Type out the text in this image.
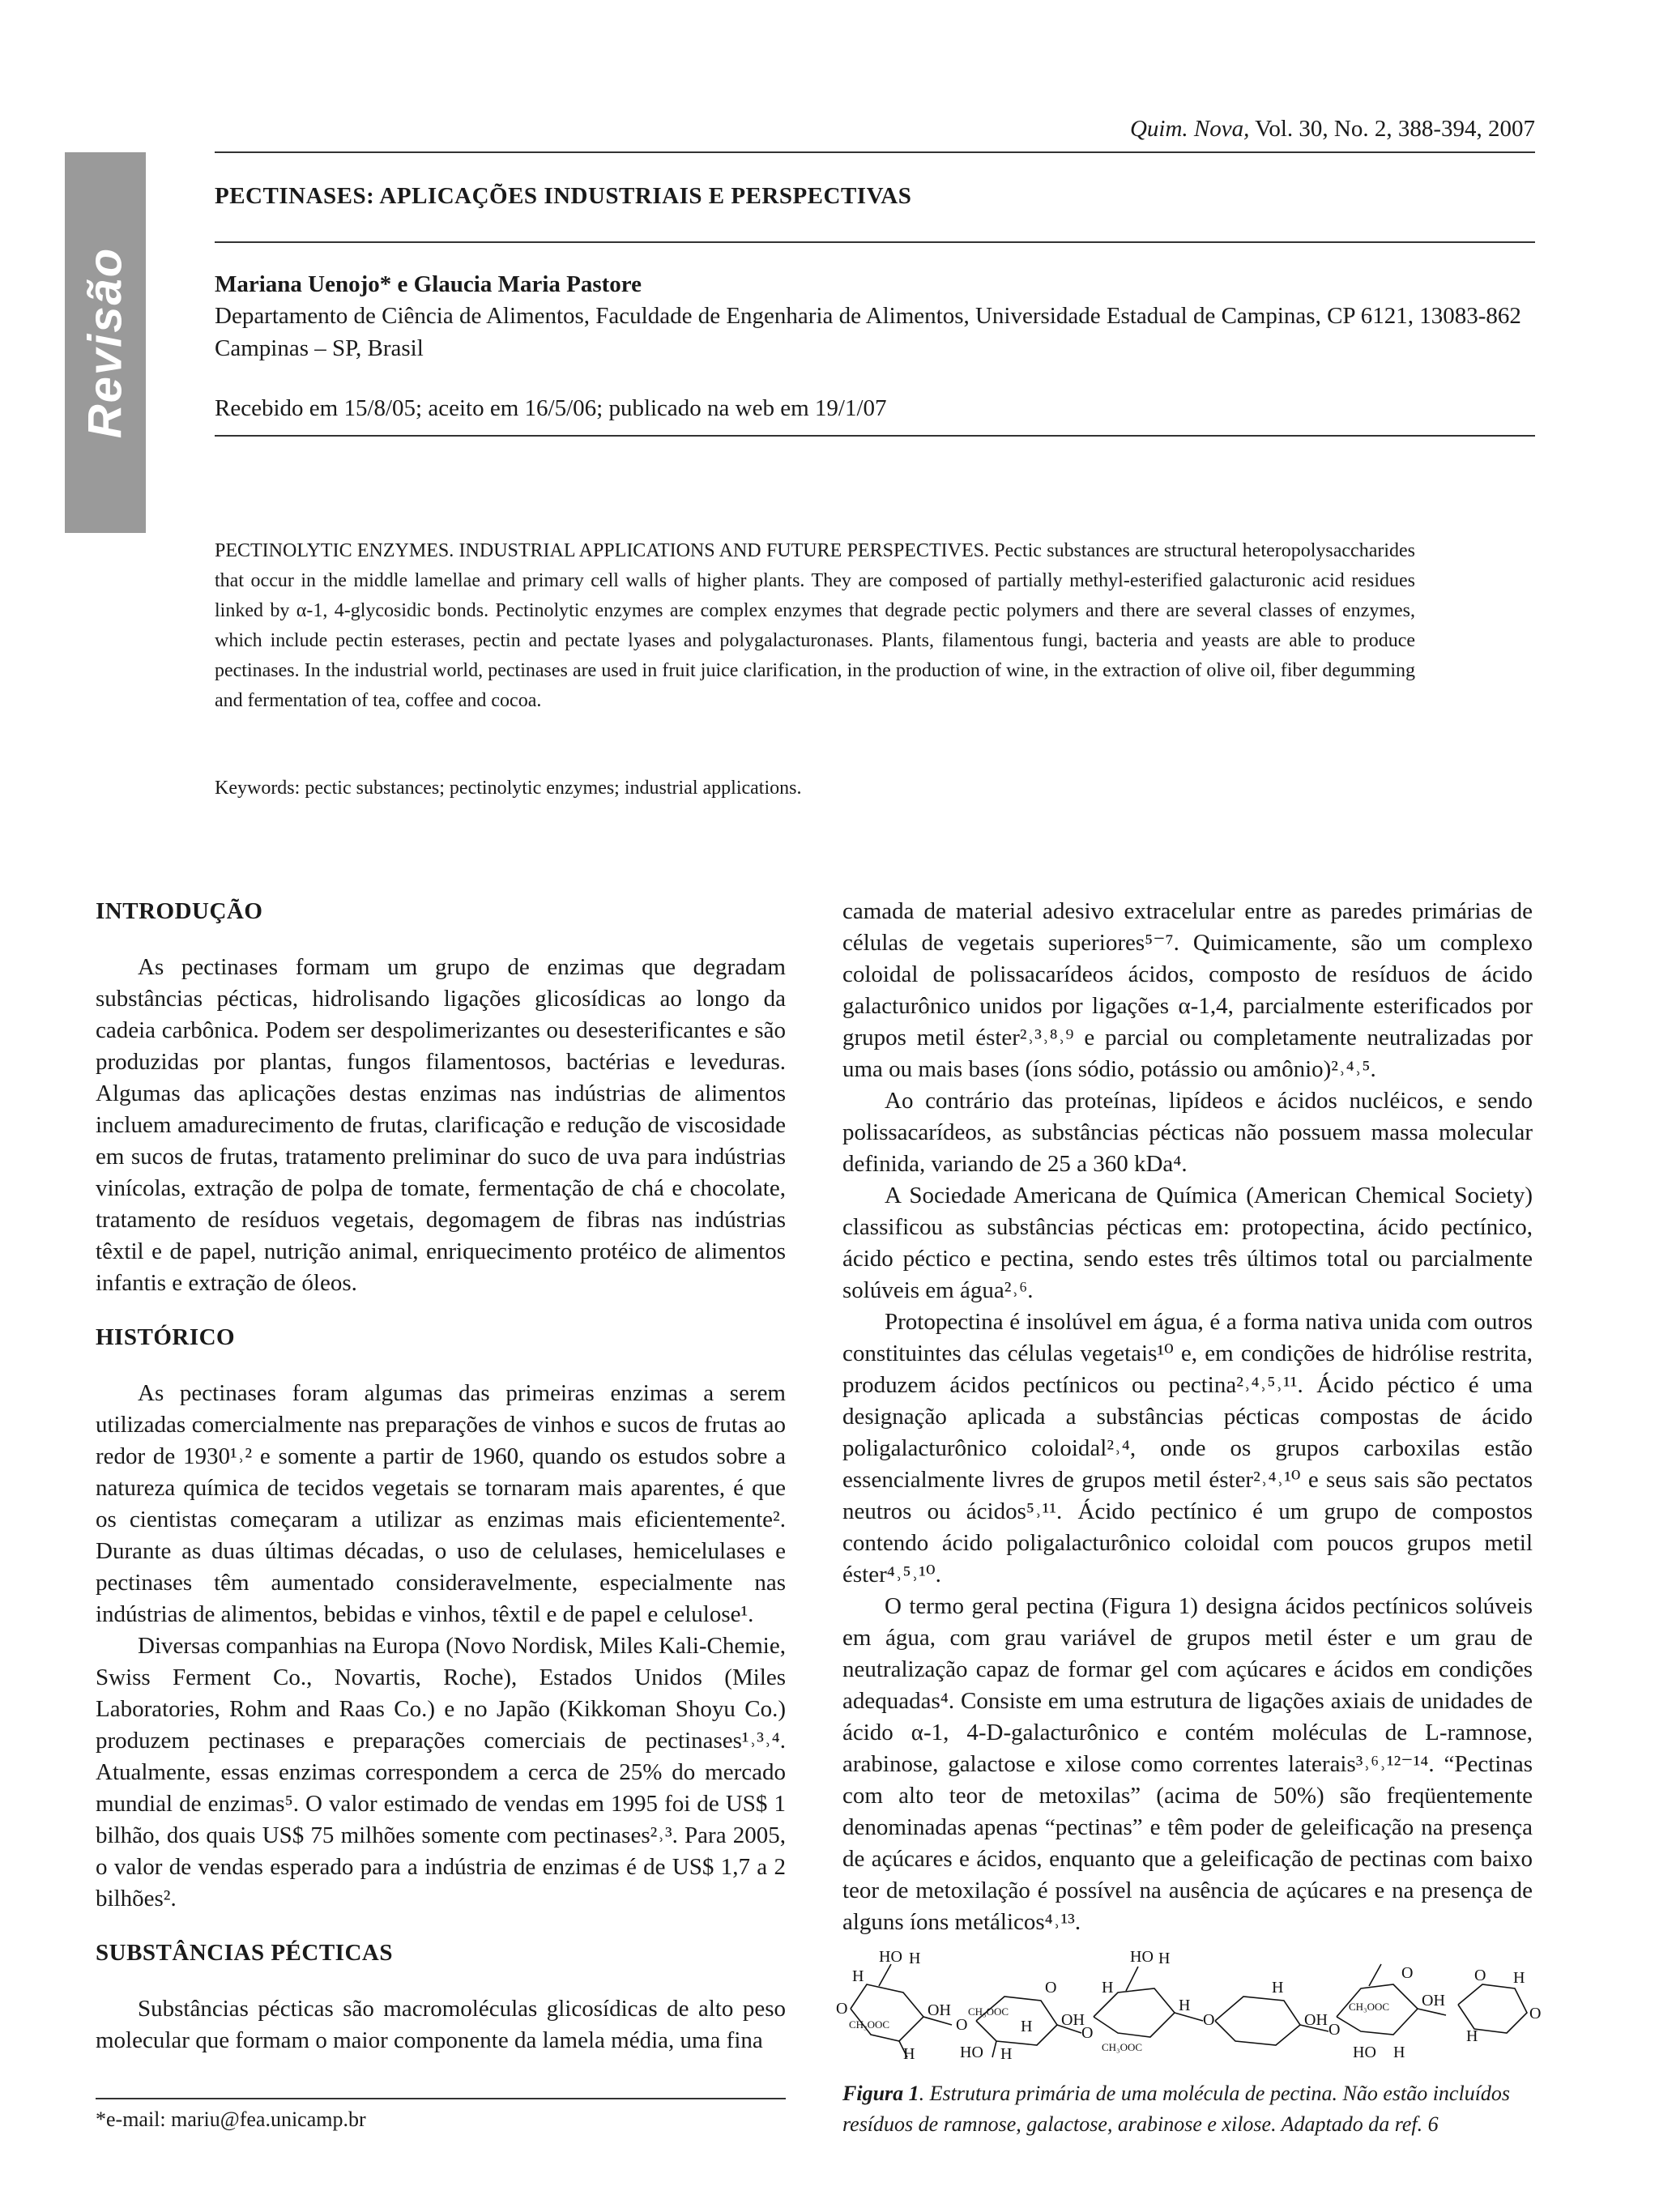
Revisão
Quim. Nova, Vol. 30, No. 2, 388-394, 2007
PECTINASES: APLICAÇÕES INDUSTRIAIS E PERSPECTIVAS
Mariana Uenojo* e Glaucia Maria Pastore
Departamento de Ciência de Alimentos, Faculdade de Engenharia de Alimentos, Universidade Estadual de Campinas, CP 6121, 13083-862 Campinas – SP, Brasil
Recebido em 15/8/05; aceito em 16/5/06; publicado na web em 19/1/07
PECTINOLYTIC ENZYMES. INDUSTRIAL APPLICATIONS AND FUTURE PERSPECTIVES. Pectic substances are structural heteropolysaccharides that occur in the middle lamellae and primary cell walls of higher plants. They are composed of partially methyl-esterified galacturonic acid residues linked by α-1, 4-glycosidic bonds. Pectinolytic enzymes are complex enzymes that degrade pectic polymers and there are several classes of enzymes, which include pectin esterases, pectin and pectate lyases and polygalacturonases. Plants, filamentous fungi, bacteria and yeasts are able to produce pectinases. In the industrial world, pectinases are used in fruit juice clarification, in the production of wine, in the extraction of olive oil, fiber degumming and fermentation of tea, coffee and cocoa.
Keywords: pectic substances; pectinolytic enzymes; industrial applications.
INTRODUÇÃO

As pectinases formam um grupo de enzimas que degradam substâncias pécticas, hidrolisando ligações glicosídicas ao longo da cadeia carbônica. Podem ser despolimerizantes ou desesterificantes e são produzidas por plantas, fungos filamentosos, bactérias e leveduras. Algumas das aplicações destas enzimas nas indústrias de alimentos incluem amadurecimento de frutas, clarificação e redução de viscosidade em sucos de frutas, tratamento preliminar do suco de uva para indústrias vinícolas, extração de polpa de tomate, fermentação de chá e chocolate, tratamento de resíduos vegetais, degomagem de fibras nas indústrias têxtil e de papel, nutrição animal, enriquecimento protéico de alimentos infantis e extração de óleos.

HISTÓRICO

As pectinases foram algumas das primeiras enzimas a serem utilizadas comercialmente nas preparações de vinhos e sucos de frutas ao redor de 1930¹˒² e somente a partir de 1960, quando os estudos sobre a natureza química de tecidos vegetais se tornaram mais aparentes, é que os cientistas começaram a utilizar as enzimas mais eficientemente². Durante as duas últimas décadas, o uso de celulases, hemicelulases e pectinases têm aumentado consideravelmente, especialmente nas indústrias de alimentos, bebidas e vinhos, têxtil e de papel e celulose¹.

Diversas companhias na Europa (Novo Nordisk, Miles Kali-Chemie, Swiss Ferment Co., Novartis, Roche), Estados Unidos (Miles Laboratories, Rohm and Raas Co.) e no Japão (Kikkoman Shoyu Co.) produzem pectinases e preparações comerciais de pectinases¹˒³˒⁴. Atualmente, essas enzimas correspondem a cerca de 25% do mercado mundial de enzimas⁵. O valor estimado de vendas em 1995 foi de US$ 1 bilhão, dos quais US$ 75 milhões somente com pectinases²˒³. Para 2005, o valor de vendas esperado para a indústria de enzimas é de US$ 1,7 a 2 bilhões².

SUBSTÂNCIAS PÉCTICAS

Substâncias pécticas são macromoléculas glicosídicas de alto peso molecular que formam o maior componente da lamela média, uma fina

*e-mail: mariu@fea.unicamp.br

camada de material adesivo extracelular entre as paredes primárias de células de vegetais superiores⁵⁻⁷. Quimicamente, são um complexo coloidal de polissacarídeos ácidos, composto de resíduos de ácido galacturônico unidos por ligações α-1,4, parcialmente esterificados por grupos metil éster²˒³˒⁸˒⁹ e parcial ou completamente neutralizadas por uma ou mais bases (íons sódio, potássio ou amônio)²˒⁴˒⁵.

Ao contrário das proteínas, lipídeos e ácidos nucléicos, e sendo polissacarídeos, as substâncias pécticas não possuem massa molecular definida, variando de 25 a 360 kDa⁴.

A Sociedade Americana de Química (American Chemical Society) classificou as substâncias pécticas em: protopectina, ácido pectínico, ácido péctico e pectina, sendo estes três últimos total ou parcialmente solúveis em água²˒⁶.

Protopectina é insolúvel em água, é a forma nativa unida com outros constituintes das células vegetais¹⁰ e, em condições de hidrólise restrita, produzem ácidos pectínicos ou pectina²˒⁴˒⁵˒¹¹. Ácido péctico é uma designação aplicada a substâncias pécticas compostas de ácido poligalacturônico coloidal²˒⁴, onde os grupos carboxilas estão essencialmente livres de grupos metil éster²˒⁴˒¹⁰ e seus sais são pectatos neutros ou ácidos⁵˒¹¹. Ácido pectínico é um grupo de compostos contendo ácido poligalacturônico coloidal com poucos grupos metil éster⁴˒⁵˒¹⁰.

O termo geral pectina (Figura 1) designa ácidos pectínicos solúveis em água, com grau variável de grupos metil éster e um grau de neutralização capaz de formar gel com açúcares e ácidos em condições adequadas⁴. Consiste em uma estrutura de ligações axiais de unidades de ácido α-1, 4-D-galacturônico e contém moléculas de L-ramnose, arabinose, galactose e xilose como correntes laterais³˒⁶˒¹²⁻¹⁴. “Pectinas com alto teor de metoxilas” (acima de 50%) são freqüentemente denominadas apenas “pectinas” e têm poder de geleificação na presença de açúcares e ácidos, enquanto que a geleificação de pectinas com baixo teor de metoxilação é possível na ausência de açúcares e na presença de alguns íons metálicos⁴˒¹³.

HO H
H
O
CH₃OOC
OH
H
O
CH₃OOC
O
H
HO H
OH
O
HO H
H
CH₃OOC
H
O	OH
H
O
CH₃OOC
O
HO H
OH
O H
O
H
Figura 1. Estrutura primária de uma molécula de pectina. Não estão incluídos resíduos de ramnose, galactose, arabinose e xilose. Adaptado da ref. 6
